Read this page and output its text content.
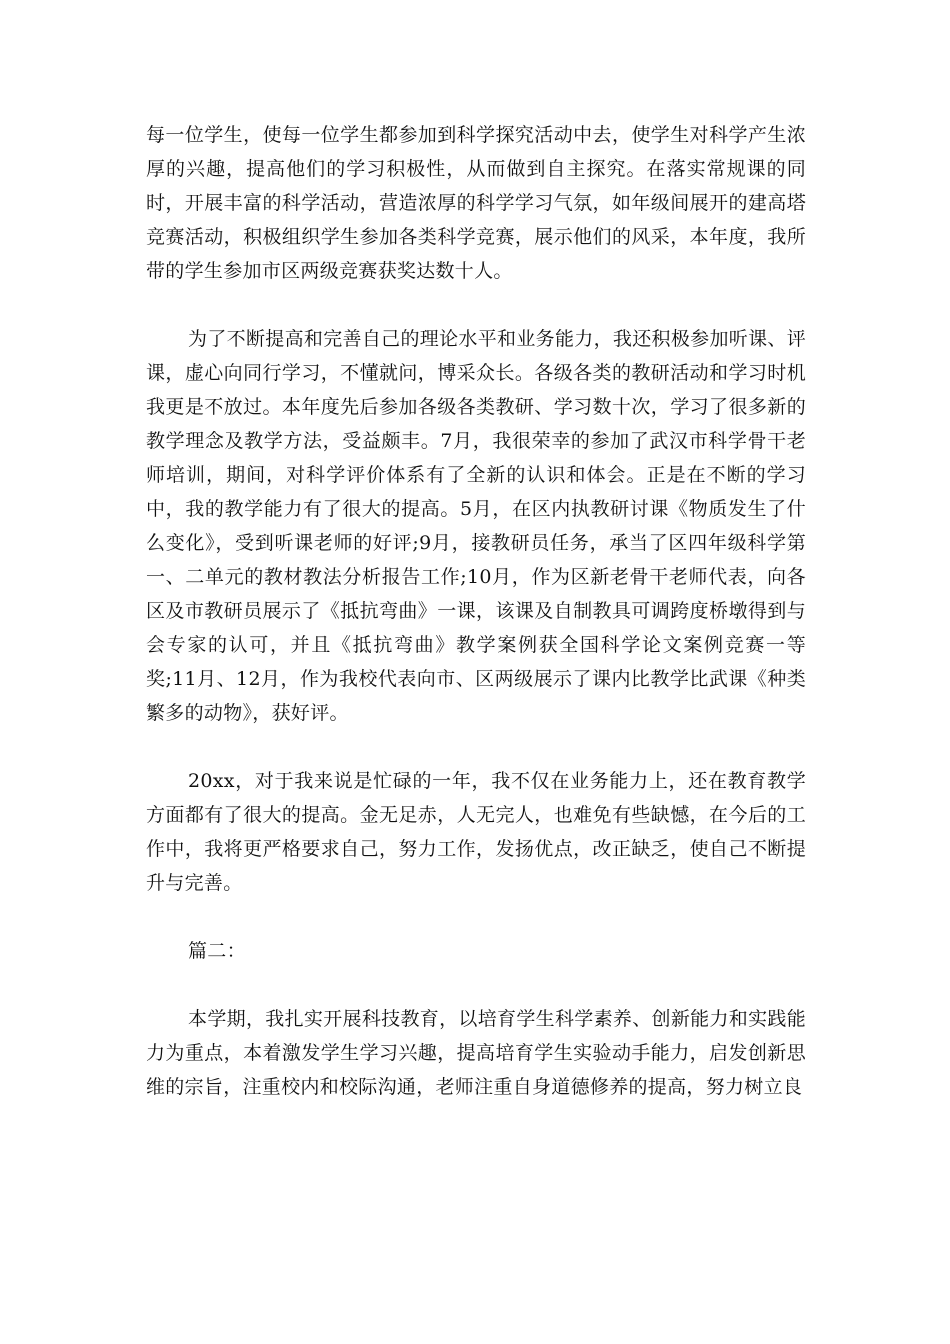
每一位学生，使每一位学生都参加到科学探究活动中去，使学生对科学产生浓厚的兴趣，提高他们的学习积极性，从而做到自主探究。在落实常规课的同时，开展丰富的科学活动，营造浓厚的科学学习气氛，如年级间展开的建高塔竞赛活动，积极组织学生参加各类科学竞赛，展示他们的风采，本年度，我所带的学生参加市区两级竞赛获奖达数十人。

为了不断提高和完善自己的理论水平和业务能力，我还积极参加听课、评课，虚心向同行学习，不懂就问，博采众长。各级各类的教研活动和学习时机我更是不放过。本年度先后参加各级各类教研、学习数十次，学习了很多新的教学理念及教学方法，受益颇丰。7月，我很荣幸的参加了武汉市科学骨干老师培训，期间，对科学评价体系有了全新的认识和体会。正是在不断的学习中，我的教学能力有了很大的提高。5月，在区内执教研讨课《物质发生了什么变化》，受到听课老师的好评;9月，接教研员任务，承当了区四年级科学第一、二单元的教材教法分析报告工作;10月，作为区新老骨干老师代表，向各区及市教研员展示了《抵抗弯曲》一课，该课及自制教具可调跨度桥墩得到与会专家的认可，并且《抵抗弯曲》教学案例获全国科学论文案例竞赛一等奖;11月、12月，作为我校代表向市、区两级展示了课内比教学比武课《种类繁多的动物》，获好评。

20xx，对于我来说是忙碌的一年，我不仅在业务能力上，还在教育教学方面都有了很大的提高。金无足赤，人无完人，也难免有些缺憾，在今后的工作中，我将更严格要求自己，努力工作，发扬优点，改正缺乏，使自己不断提升与完善。

篇二：

本学期，我扎实开展科技教育，以培育学生科学素养、创新能力和实践能力为重点，本着激发学生学习兴趣，提高培育学生实验动手能力，启发创新思维的宗旨，注重校内和校际沟通，老师注重自身道德修养的提高，努力树立良
